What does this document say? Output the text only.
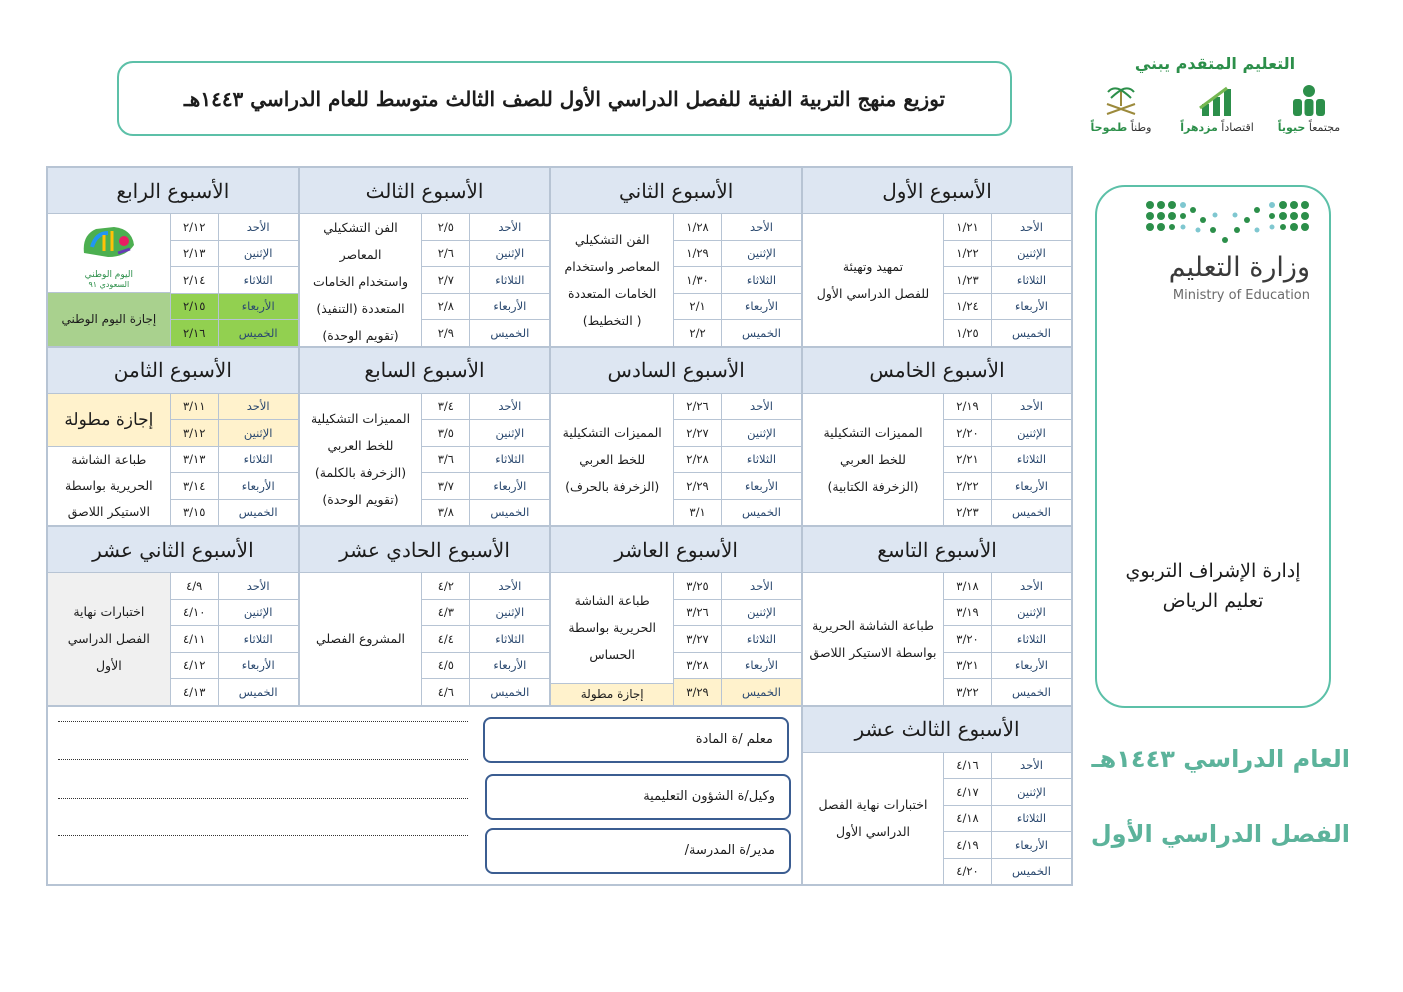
توزيع منهج التربية الفنية للفصل الدراسي الأول للصف الثالث متوسط للعام الدراسي ١٤٤٣هـ
التعليم المتقدم يبني
مجتمعاً حيوياً
اقتصاداً مزدهراً
وطناً طموحاً
وزارة التعليم
Ministry of Education
إدارة الإشراف التربوي
تعليم الرياض
العام الدراسي ١٤٤٣هـ
الفصل الدراسي الأول
الأسبوع الأول
الأحد
الإثنين
الثلاثاء
الأربعاء
الخميس
١/٢١
١/٢٢
١/٢٣
١/٢٤
١/٢٥
تمهيد وتهيئة
للفصل الدراسي الأول
الأسبوع الثاني
الأحد
الإثنين
الثلاثاء
الأربعاء
الخميس
١/٢٨
١/٢٩
١/٣٠
٢/١
٢/٢
الفن التشكيلي
المعاصر واستخدام
الخامات المتعددة
( التخطيط)
الأسبوع الثالث
الأحد
الإثنين
الثلاثاء
الأربعاء
الخميس
٢/٥
٢/٦
٢/٧
٢/٨
٢/٩
الفن التشكيلي المعاصر
واستخدام الخامات
المتعددة (التنفيذ)
(تقويم الوحدة)
الأسبوع الرابع
الأحد
الإثنين
الثلاثاء
الأربعاء
الخميس
٢/١٢
٢/١٣
٢/١٤
٢/١٥
٢/١٦
اليوم الوطني
السعودي ٩١
إجازة اليوم الوطني
الأسبوع الخامس
الأحد
الإثنين
الثلاثاء
الأربعاء
الخميس
٢/١٩
٢/٢٠
٢/٢١
٢/٢٢
٢/٢٣
المميزات التشكيلية
للخط العربي
(الزخرفة الكتابية)
الأسبوع السادس
الأحد
الإثنين
الثلاثاء
الأربعاء
الخميس
٢/٢٦
٢/٢٧
٢/٢٨
٢/٢٩
٣/١
المميزات التشكيلية
للخط العربي
(الزخرفة بالحرف)
الأسبوع السابع
الأحد
الإثنين
الثلاثاء
الأربعاء
الخميس
٣/٤
٣/٥
٣/٦
٣/٧
٣/٨
المميزات التشكيلية
للخط العربي
(الزخرفة بالكلمة)
(تقويم الوحدة)
الأسبوع الثامن
الأحد
الإثنين
الثلاثاء
الأربعاء
الخميس
٣/١١
٣/١٢
٣/١٣
٣/١٤
٣/١٥
إجازة مطولة
طباعة الشاشة
الحريرية بواسطة
الاستيكر اللاصق
الأسبوع التاسع
الأحد
الإثنين
الثلاثاء
الأربعاء
الخميس
٣/١٨
٣/١٩
٣/٢٠
٣/٢١
٣/٢٢
طباعة الشاشة الحريرية
بواسطة الاستيكر اللاصق
الأسبوع العاشر
الأحد
الإثنين
الثلاثاء
الأربعاء
الخميس
٣/٢٥
٣/٢٦
٣/٢٧
٣/٢٨
٣/٢٩
طباعة الشاشة
الحريرية بواسطة
الحساس
إجازة مطولة
الأسبوع الحادي عشر
الأحد
الإثنين
الثلاثاء
الأربعاء
الخميس
٤/٢
٤/٣
٤/٤
٤/٥
٤/٦
المشروع الفصلي
الأسبوع الثاني عشر
الأحد
الإثنين
الثلاثاء
الأربعاء
الخميس
٤/٩
٤/١٠
٤/١١
٤/١٢
٤/١٣
اختبارات نهاية
الفصل الدراسي
الأول
الأسبوع الثالث عشر
الأحد
الإثنين
الثلاثاء
الأربعاء
الخميس
٤/١٦
٤/١٧
٤/١٨
٤/١٩
٤/٢٠
اختبارات نهاية الفصل
الدراسي الأول
معلم /ة المادة
وكيل/ة الشؤون التعليمية
مدير/ة المدرسة/
